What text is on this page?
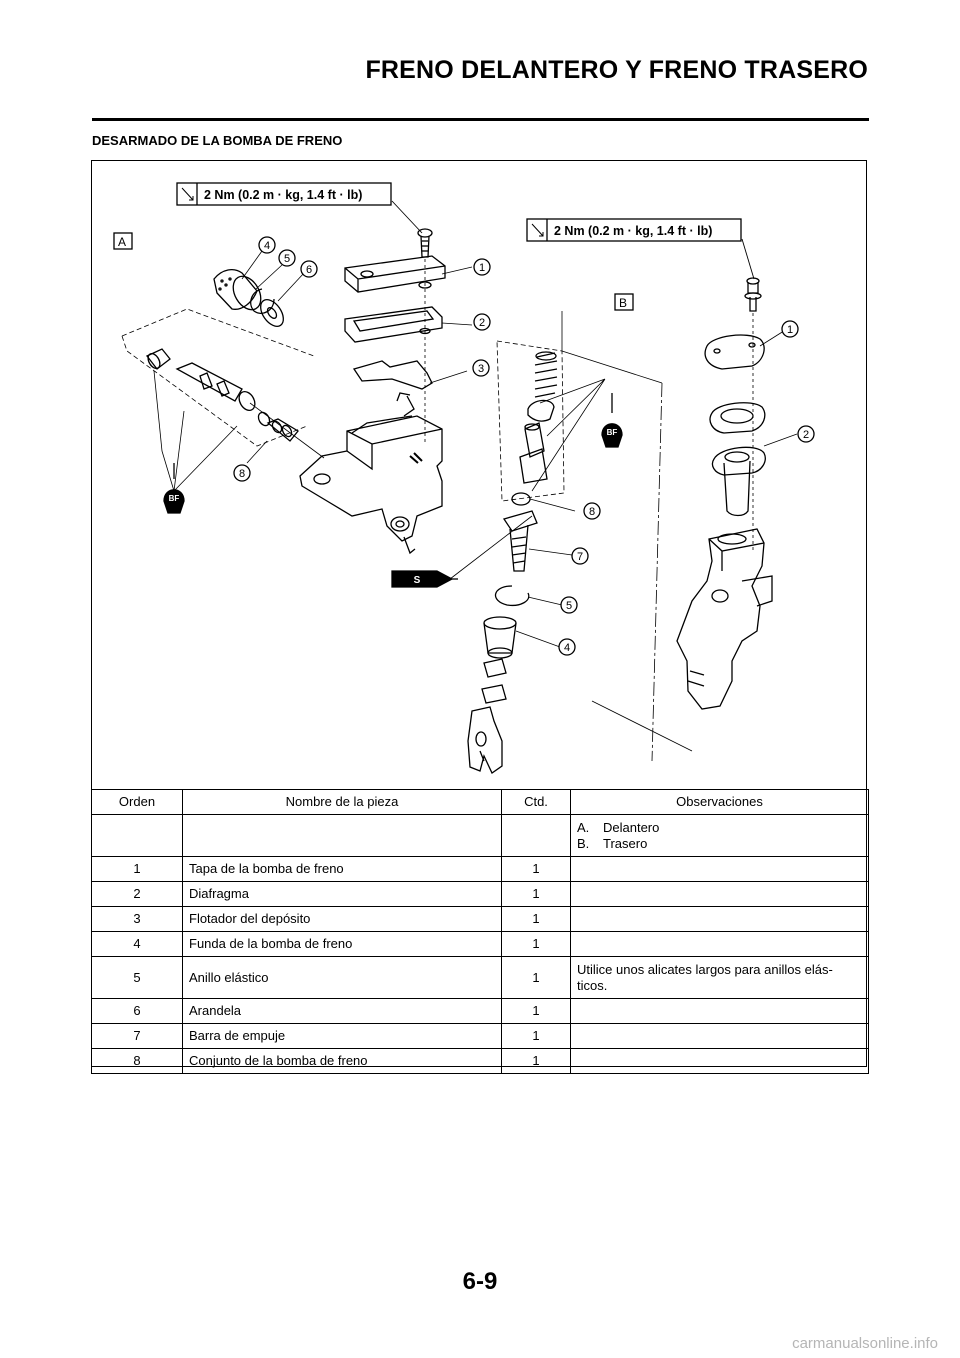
FRENO DELANTERO Y FRENO TRASERO
DESARMADO DE LA BOMBA DE FRENO
2 Nm (0.2 m · kg, 1.4 ft · lb)
2 Nm (0.2 m · kg, 1.4 ft · lb)
A
B
BF
BF
S
4
5
6	1
2
3
8
1
2
8
7
5
4
Orden	Nombre de la pieza	Ctd.	Observaciones

			A. Delantero
B. Trasero

1	Tapa de la bomba de freno	1	
2	Diafragma	1	
3	Flotador del depósito	1	
4	Funda de la bomba de freno	1	
5	Anillo elástico	1	Utilice unos alicates largos para anillos elás-ticos.
6	Arandela	1	
7	Barra de empuje	1	
8	Conjunto de la bomba de freno	1	
6-9
carmanualsonline.info
